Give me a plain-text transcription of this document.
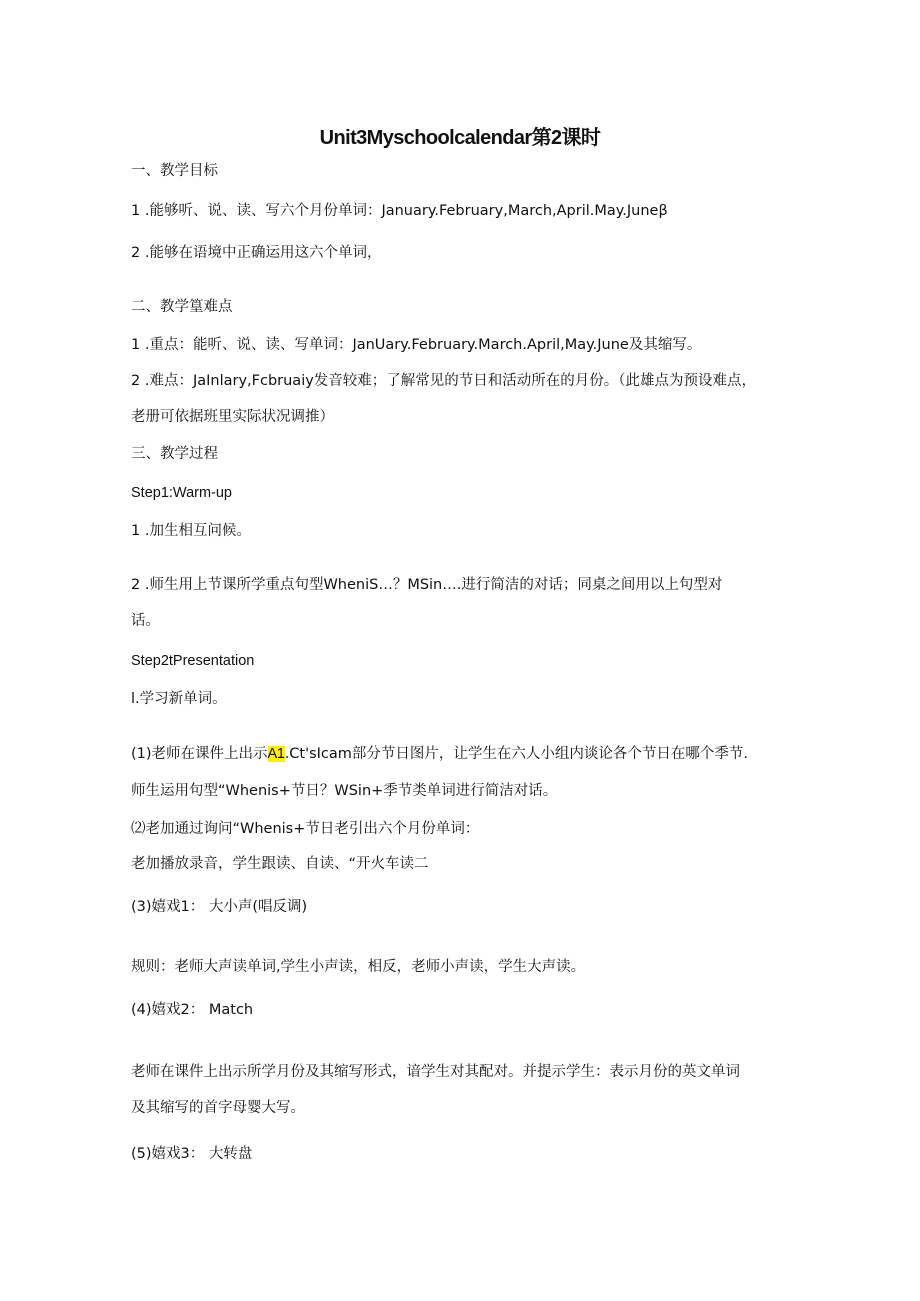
Unit3Myschoolcalendar第2课时
一、教学目标
1 .能够听、说、读、写六个月份单词：January.February,March,April.May.Juneβ
2 .能够在语境中正确运用这六个单词，
二、教学篁难点
1 .重点：能听、说、读、写单词：JanUary.February.March.April,May.June及其缩写。
2 .难点：JaInlary,Fcbruaiy发音较难；了解常见的节日和活动所在的月份。（此雄点为预设难点，
老册可依据班里实际状况调推）
三、教学过程
Step1:Warm-up
1 .加生相互问候。
2 .师生用上节课所学重点句型WheniS…？MSin….进行简洁的对话；同桌之间用以上句型对
话。
Step2tPresentation
l.学习新单词。
(1)老师在课件上出示A1.Ct'sIcam部分节日图片，让学生在六人小组内谈论各个节日在哪个季节.
师生运用句型“Whenis+节日？WSin+季节类单词进行简洁对话。
⑵老加通过询问“Whenis+节日老引出六个月份单词：
老加播放录音，学生跟读、自读、“开火车读二
(3)嬉戏1： 大小声(唱反调)
规则：老师大声读单词,学生小声读，相反，老师小声读，学生大声读。
(4)嬉戏2： Match
老师在课件上出示所学月份及其缩写形式，谙学生对其配对。并提示学生：表示月份的英文单词
及其缩写的首字母婴大写。
(5)嬉戏3： 大转盘
